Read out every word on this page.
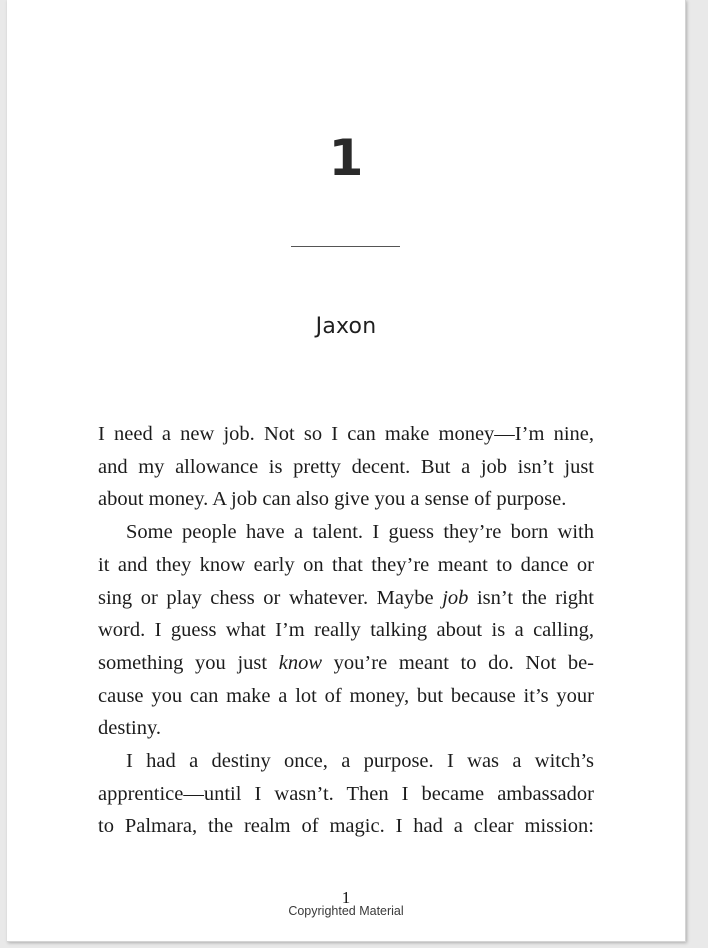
1
Jaxon
I need a new job. Not so I can make money—I’m nine,
and my allowance is pretty decent. But a job isn’t just
about money. A job can also give you a sense of purpose.
Some people have a talent. I guess they’re born with
it and they know early on that they’re meant to dance or
sing or play chess or whatever. Maybe job isn’t the right
word. I guess what I’m really talking about is a calling,
something you just know you’re meant to do. Not be-
cause you can make a lot of money, but because it’s your
destiny.
I had a destiny once, a purpose. I was a witch’s
apprentice—until I wasn’t. Then I became ambassador
to Palmara, the realm of magic. I had a clear mission:
1
Copyrighted Material
